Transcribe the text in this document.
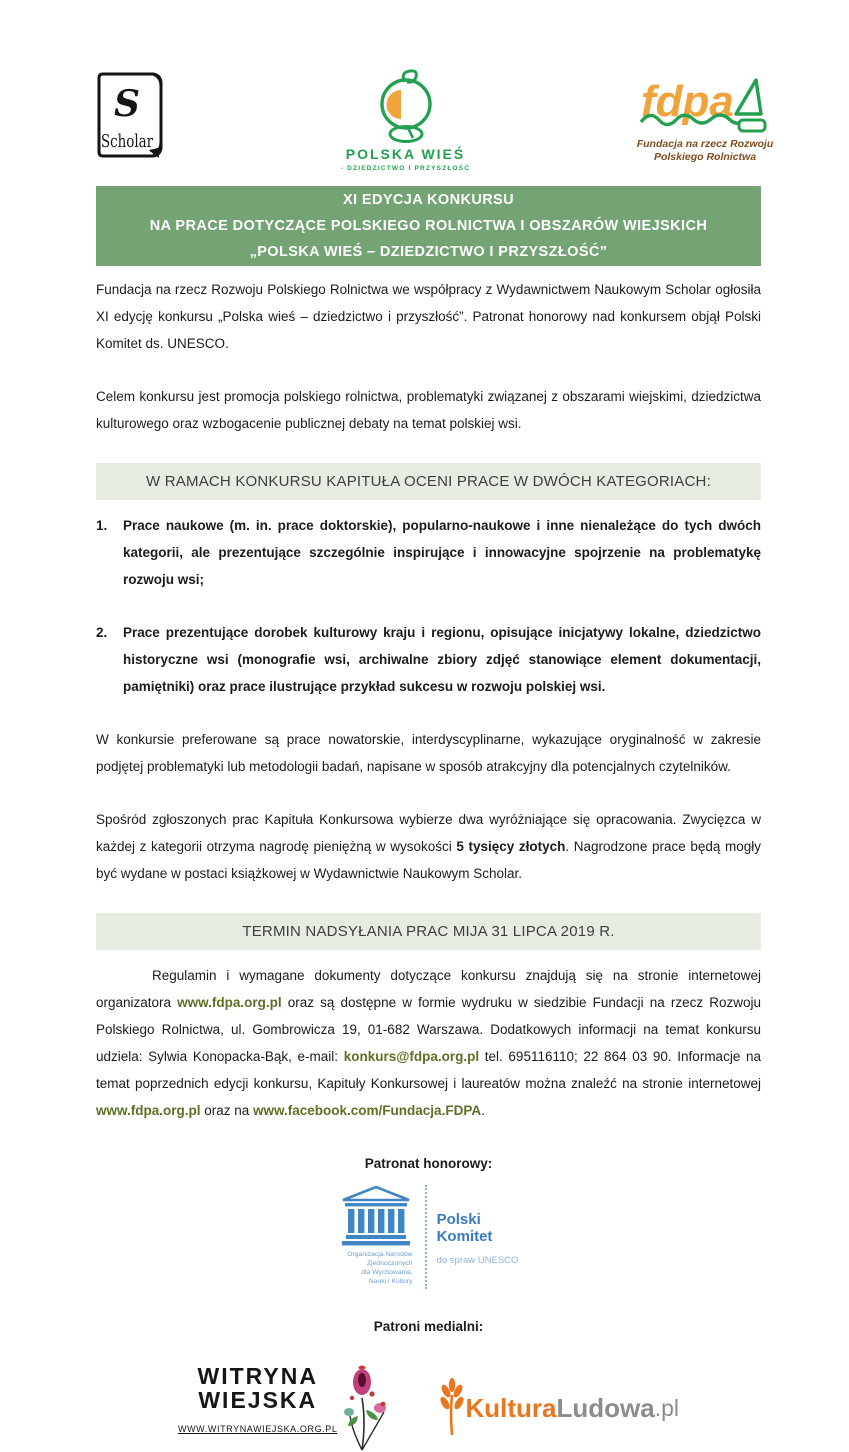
S
Scholar
POLSKA WIEŚ
- DZIEDZICTWO I PRZYSZŁOŚĆ
fdpa
Fundacja na rzecz Rozwoju
Polskiego Rolnictwa
XI EDYCJA KONKURSU
NA PRACE DOTYCZĄCE POLSKIEGO ROLNICTWA I OBSZARÓW WIEJSKICH
„POLSKA WIEŚ – DZIEDZICTWO I PRZYSZŁOŚĆ”

Fundacja na rzecz Rozwoju Polskiego Rolnictwa we współpracy z Wydawnictwem Naukowym Scholar ogłosiła XI edycję konkursu „Polska wieś – dziedzictwo i przyszłość”. Patronat honorowy nad konkursem objął Polski Komitet ds. UNESCO.

Celem konkursu jest promocja polskiego rolnictwa, problematyki związanej z obszarami wiejskimi, dziedzictwa kulturowego oraz wzbogacenie publicznej debaty na temat polskiej wsi.

W RAMACH KONKURSU KAPITUŁA OCENI PRACE W DWÓCH KATEGORIACH:
1.	Prace naukowe (m. in. prace doktorskie), popularno-naukowe i inne nienależące do tych dwóch kategorii, ale prezentujące szczególnie inspirujące i innowacyjne spojrzenie na problematykę rozwoju wsi;
2.	Prace prezentujące dorobek kulturowy kraju i regionu, opisujące inicjatywy lokalne, dziedzictwo historyczne wsi (monografie wsi, archiwalne zbiory zdjęć stanowiące element dokumentacji, pamiętniki) oraz prace ilustrujące przykład sukcesu w rozwoju polskiej wsi.

W konkursie preferowane są prace nowatorskie, interdyscyplinarne, wykazujące oryginalność w zakresie podjętej problematyki lub metodologii badań, napisane w sposób atrakcyjny dla potencjalnych czytelników.

Spośród zgłoszonych prac Kapituła Konkursowa wybierze dwa wyróżniające się opracowania. Zwycięzca w każdej z kategorii otrzyma nagrodę pieniężną w wysokości 5 tysięcy złotych. Nagrodzone prace będą mogły być wydane w postaci książkowej w Wydawnictwie Naukowym Scholar.

TERMIN NADSYŁANIA PRAC MIJA 31 LIPCA 2019 R.

Regulamin i wymagane dokumenty dotyczące konkursu znajdują się na stronie internetowej organizatora www.fdpa.org.pl oraz są dostępne w formie wydruku w siedzibie Fundacji na rzecz Rozwoju Polskiego Rolnictwa, ul. Gombrowicza 19, 01-682 Warszawa. Dodatkowych informacji na temat konkursu udziela: Sylwia Konopacka-Bąk, e-mail: konkurs@fdpa.org.pl tel. 695116110; 22 864 03 90. Informacje na temat poprzednich edycji konkursu, Kapituły Konkursowej i laureatów można znaleźć na stronie internetowej www.fdpa.org.pl oraz na www.facebook.com/Fundacja.FDPA.

Patronat honorowy:
Organizacja Narodów
Zjednoczonych
dla Wychowania,
Nauki i Kultury
Polski
Komitet
do spraw UNESCO
Patroni medialni:
WITRYNA
WIEJSKA
WWW.WITRYNAWIEJSKA.ORG.PL
Kultura Ludowa .pl
